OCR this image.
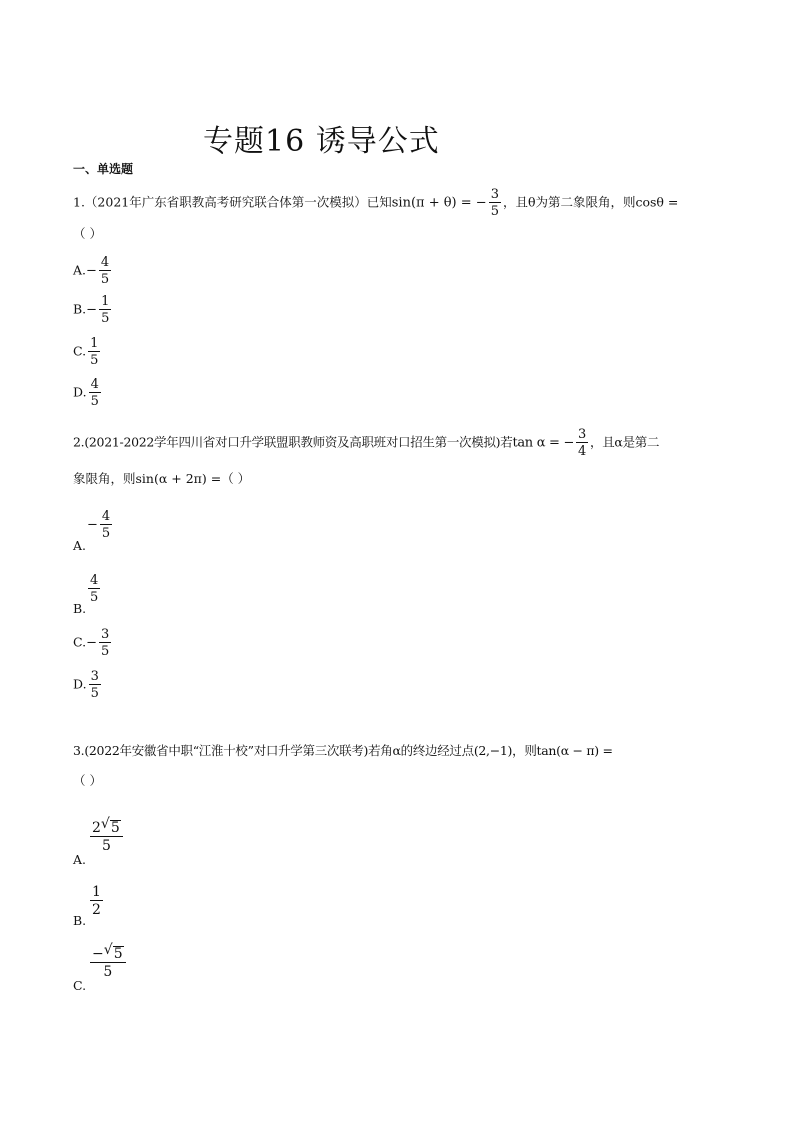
专题16 诱导公式
一、单选题
1.（2021年广东省职教高考研究联合体第一次模拟）已知sin(π + θ) = − $\frac{3}{5}$ ，且θ为第二象限角，则cosθ =
（ ）
$A.- \frac{4}{5}$
$B.- \frac{1}{5}$
C. $\frac{1}{5}$
D. $\frac{4}{5}$
2.(2021-2022学年四川省对口升学联盟职教师资及高职班对口招生第一次模拟)若tan α = − $\frac{3}{4}$ ，且α是第二
象限角，则sin(α + 2π) =（ ）
A.
− $\frac{4}{5}$
B.
$\frac{4}{5}$
$C.- \frac{3}{5}$
D. $\frac{3}{5}$
3.(2022年安徽省中职“江淮十校”对口升学第三次联考)若角α的终边经过点(2,−1)，则tan(α − π) =
（ ）
A.
$\frac{2 √ 5}{5}$
B.
$\frac{1}{2}$
C.
$\frac{- √ 5}{5}$
